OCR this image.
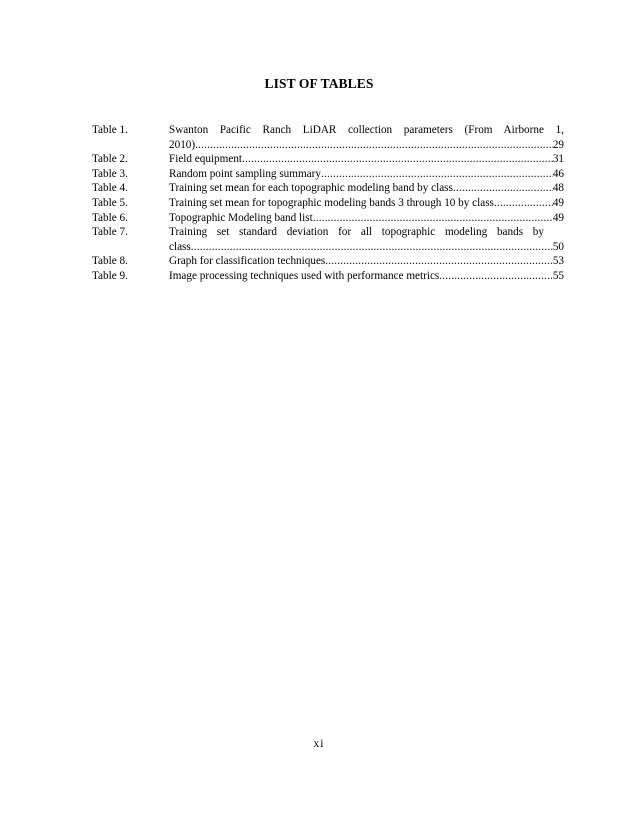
LIST OF TABLES
Table 1.	Swanton Pacific Ranch LiDAR collection parameters (From Airborne 1,
2010) .....	29
Table 2.	Field equipment .....	31
Table 3.	Random point sampling summary .....	46
Table 4.	Training set mean for each topographic modeling band by class .....	48
Table 5.	Training set mean for topographic modeling bands 3 through 10 by class .....	49
Table 6.	Topographic Modeling band list .....	49
Table 7.	Training set standard deviation for all topographic modeling bands by
class .....	50
Table 8.	Graph for classification techniques .....	53
Table 9.	Image processing techniques used with performance metrics .....	55
xi
